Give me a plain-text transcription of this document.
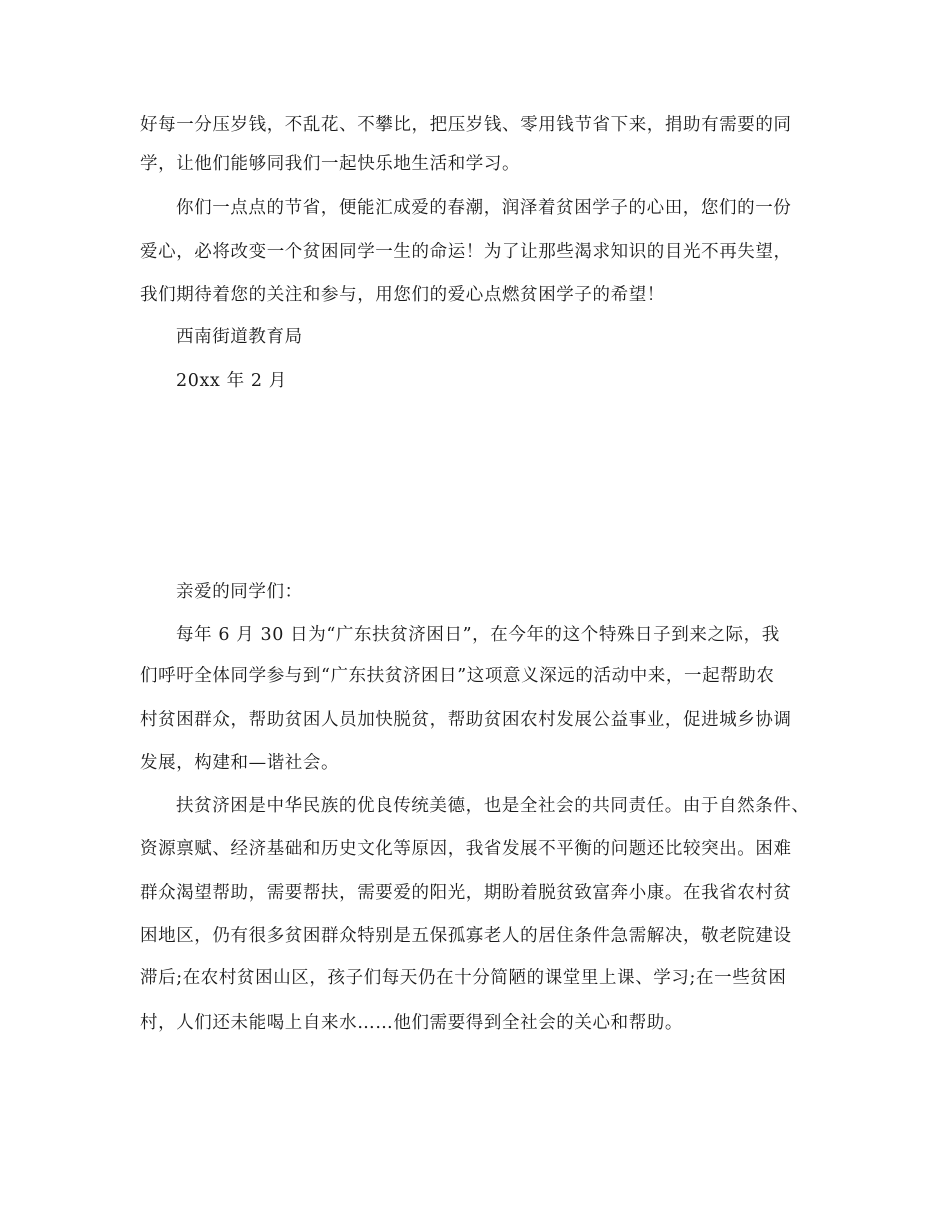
好每一分压岁钱，不乱花、不攀比，把压岁钱、零用钱节省下来，捐助有需要的同
学，让他们能够同我们一起快乐地生活和学习。
你们一点点的节省，便能汇成爱的春潮，润泽着贫困学子的心田，您们的一份
爱心，必将改变一个贫困同学一生的命运！为了让那些渴求知识的目光不再失望，
我们期待着您的关注和参与，用您们的爱心点燃贫困学子的希望！
西南街道教育局
20xx 年 2 月
亲爱的同学们：
每年 6 月 30 日为“广东扶贫济困日”，在今年的这个特殊日子到来之际，我
们呼吁全体同学参与到“广东扶贫济困日”这项意义深远的活动中来，一起帮助农
村贫困群众，帮助贫困人员加快脱贫，帮助贫困农村发展公益事业，促进城乡协调
发展，构建和—谐社会。
扶贫济困是中华民族的优良传统美德，也是全社会的共同责任。由于自然条件、
资源禀赋、经济基础和历史文化等原因，我省发展不平衡的问题还比较突出。困难
群众渴望帮助，需要帮扶，需要爱的阳光，期盼着脱贫致富奔小康。在我省农村贫
困地区，仍有很多贫困群众特别是五保孤寡老人的居住条件急需解决，敬老院建设
滞后;在农村贫困山区，孩子们每天仍在十分简陋的课堂里上课、学习;在一些贫困
村，人们还未能喝上自来水……他们需要得到全社会的关心和帮助。
